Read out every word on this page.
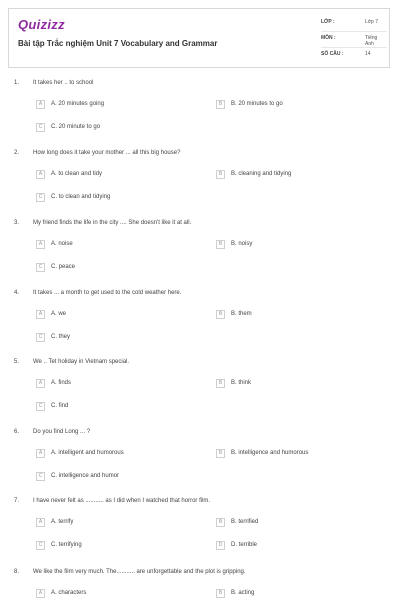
Quizizz
Bài tập Trắc nghiệm Unit 7 Vocabulary and Grammar
LỚP :	Lớp 7
MÔN :	Tiếng Anh
SỐ CÂU :	14
1. It takes her .. to school
A	A. 20 minutes going	B	B. 20 minutes to go
C	C. 20 minute to go
2. How long does it take your mother ... all this big house?
A	A. to clean and tidy	B	B. cleaning and tidying
C	C. to clean and tidying
3. My friend finds the life in the city .... She doesn't like it at all.
A	A. noise	B	B. noisy
C	C. peace
4. It takes ... a month to get used to the cold weather here.
A	A. we	B	B. them
C	C. they
5. We .. Tet holiday in Vietnam special.
A	A. finds	B	B. think
C	C. find
6. Do you find Long ... ?
A	A. intelligent and humorous	B	B. intelligence and humorous
C	C. intelligence and humor
7. I have never felt as ........... as I did when I watched that horror film.
A	A. terrify	B	B. terrified
C	C. terrifying	D	D. terrible
8. We like the film very much. The........... are unforgettable and the plot is gripping.
A	A. characters	B	B. acting
